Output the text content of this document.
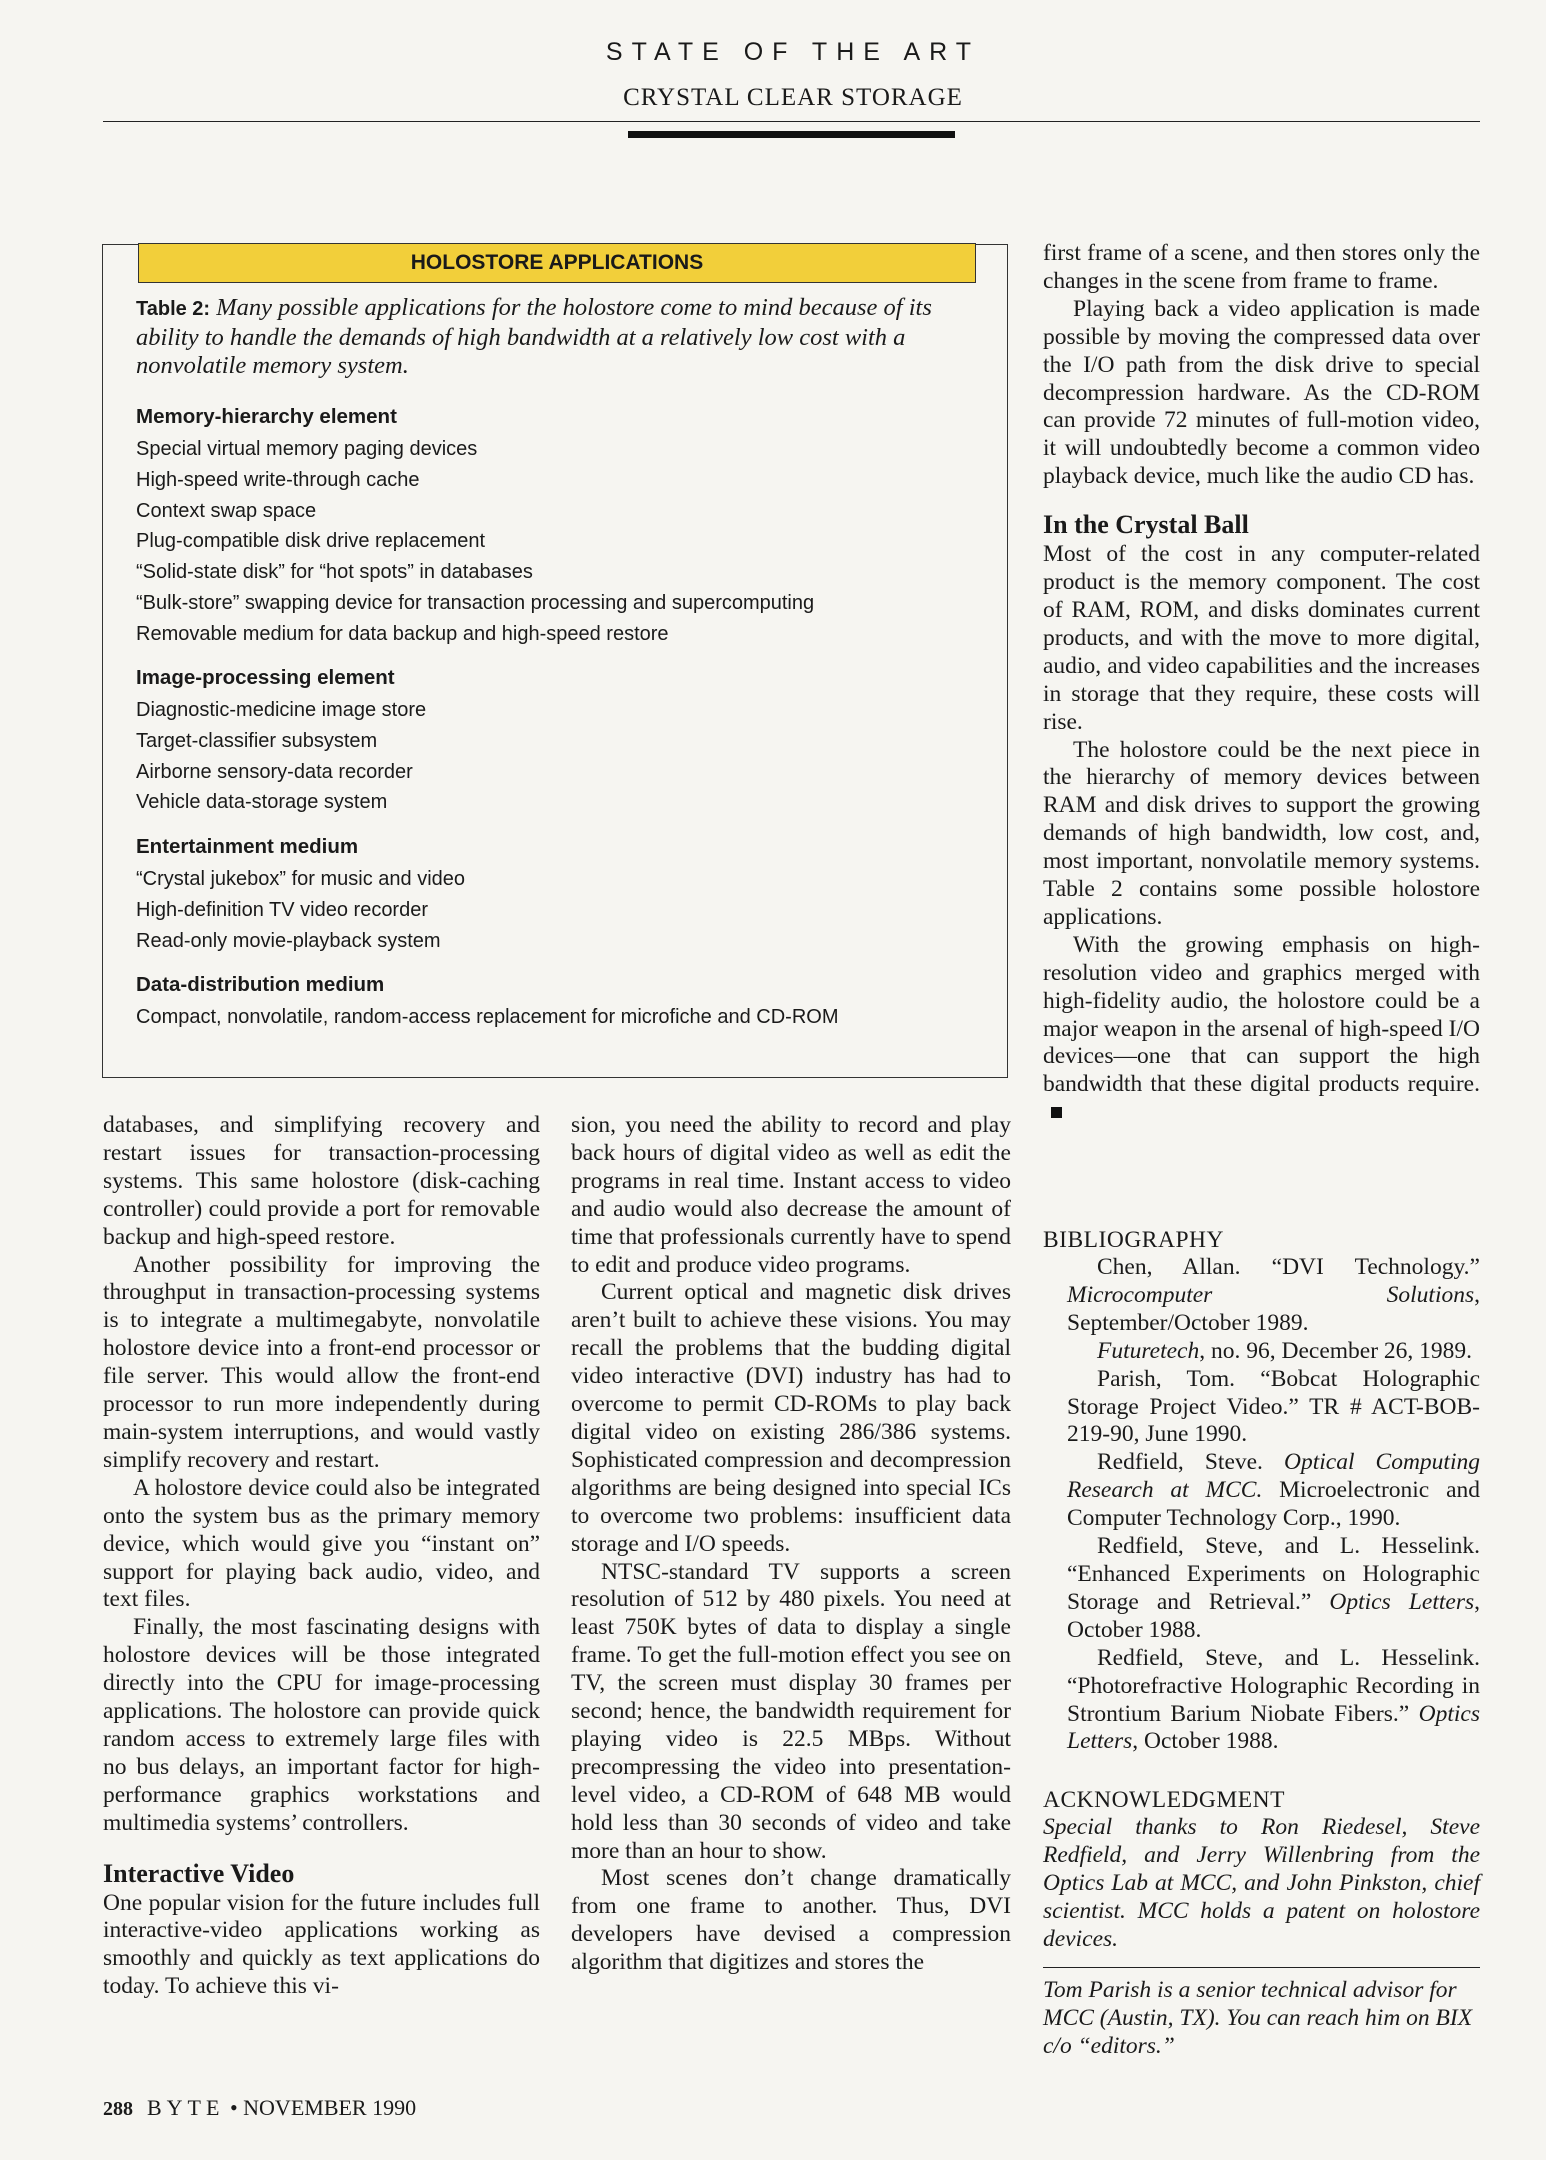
STATE OF THE ART
CRYSTAL CLEAR STORAGE
HOLOSTORE APPLICATIONS
Table 2: Many possible applications for the holostore come to mind because of its ability to handle the demands of high bandwidth at a relatively low cost with a nonvolatile memory system.
Memory-hierarchy element
Special virtual memory paging devices
High-speed write-through cache
Context swap space
Plug-compatible disk drive replacement
“Solid-state disk” for “hot spots” in databases
“Bulk-store” swapping device for transaction processing and supercomputing
Removable medium for data backup and high-speed restore
Image-processing element
Diagnostic-medicine image store
Target-classifier subsystem
Airborne sensory-data recorder
Vehicle data-storage system
Entertainment medium
“Crystal jukebox” for music and video
High-definition TV video recorder
Read-only movie-playback system
Data-distribution medium
Compact, nonvolatile, random-access replacement for microfiche and CD-ROM

databases, and simplifying recovery and restart issues for transaction-processing systems. This same holostore (disk-caching controller) could provide a port for removable backup and high-speed restore.

Another possibility for improving the throughput in transaction-processing systems is to integrate a multimegabyte, nonvolatile holostore device into a front-end processor or file server. This would allow the front-end processor to run more independently during main-system interruptions, and would vastly simplify recovery and restart.

A holostore device could also be integrated onto the system bus as the primary memory device, which would give you “instant on” support for playing back audio, video, and text files.

Finally, the most fascinating designs with holostore devices will be those integrated directly into the CPU for image-processing applications. The holostore can provide quick random access to extremely large files with no bus delays, an important factor for high-performance graphics workstations and multimedia systems’ controllers.

Interactive Video

One popular vision for the future includes full interactive-video applications working as smoothly and quickly as text applications do today. To achieve this vi-

sion, you need the ability to record and play back hours of digital video as well as edit the programs in real time. Instant access to video and audio would also decrease the amount of time that professionals currently have to spend to edit and produce video programs.

Current optical and magnetic disk drives aren’t built to achieve these visions. You may recall the problems that the budding digital video interactive (DVI) industry has had to overcome to permit CD-ROMs to play back digital video on existing 286/386 systems. Sophisticated compression and decompression algorithms are being designed into special ICs to overcome two problems: insufficient data storage and I/O speeds.

NTSC-standard TV supports a screen resolution of 512 by 480 pixels. You need at least 750K bytes of data to display a single frame. To get the full-motion effect you see on TV, the screen must display 30 frames per second; hence, the bandwidth requirement for playing video is 22.5 MBps. Without precompressing the video into presentation-level video, a CD-ROM of 648 MB would hold less than 30 seconds of video and take more than an hour to show.

Most scenes don’t change dramatically from one frame to another. Thus, DVI developers have devised a compression algorithm that digitizes and stores the

first frame of a scene, and then stores only the changes in the scene from frame to frame.

Playing back a video application is made possible by moving the compressed data over the I/O path from the disk drive to special decompression hardware. As the CD-ROM can provide 72 minutes of full-motion video, it will undoubtedly become a common video playback device, much like the audio CD has.

In the Crystal Ball

Most of the cost in any computer-related product is the memory component. The cost of RAM, ROM, and disks dominates current products, and with the move to more digital, audio, and video capabilities and the increases in storage that they require, these costs will rise.

The holostore could be the next piece in the hierarchy of memory devices between RAM and disk drives to support the growing demands of high bandwidth, low cost, and, most important, nonvolatile memory systems. Table 2 contains some possible holostore applications.

With the growing emphasis on high-resolution video and graphics merged with high-fidelity audio, the holostore could be a major weapon in the arsenal of high-speed I/O devices—one that can support the high bandwidth that these digital products require.

BIBLIOGRAPHY

Chen, Allan. “DVI Technology.” Microcomputer Solutions, September/October 1989.

Futuretech, no. 96, December 26, 1989.

Parish, Tom. “Bobcat Holographic Storage Project Video.” TR # ACT-BOB-219-90, June 1990.

Redfield, Steve. Optical Computing Research at MCC. Microelectronic and Computer Technology Corp., 1990.

Redfield, Steve, and L. Hesselink. “Enhanced Experiments on Holographic Storage and Retrieval.” Optics Letters, October 1988.

Redfield, Steve, and L. Hesselink. “Photorefractive Holographic Recording in Strontium Barium Niobate Fibers.” Optics Letters, October 1988.

ACKNOWLEDGMENT

Special thanks to Ron Riedesel, Steve Redfield, and Jerry Willenbring from the Optics Lab at MCC, and John Pinkston, chief scientist. MCC holds a patent on holostore devices.

Tom Parish is a senior technical advisor for MCC (Austin, TX). You can reach him on BIX c/o “editors.”
288 BYTE • NOVEMBER 1990
